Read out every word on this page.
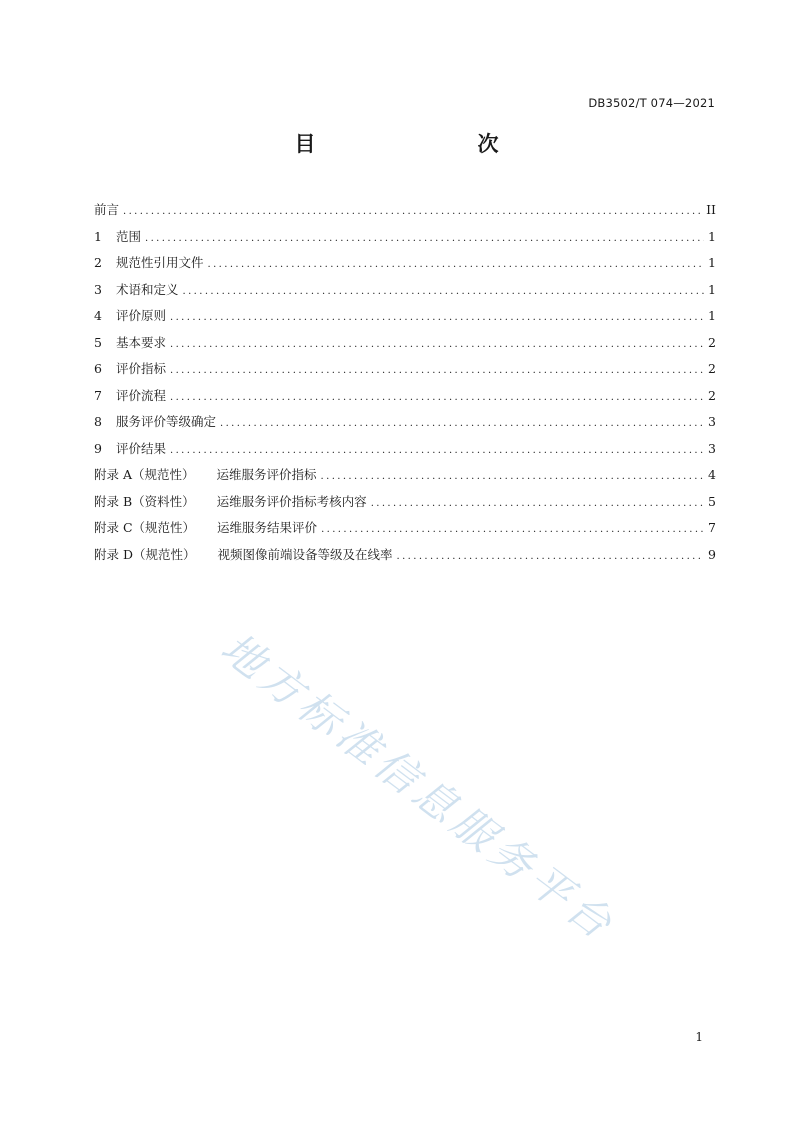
DB3502/T 074—2021
目　　次
前言 .....	II
1	范围 .....	1
2	规范性引用文件 .....	1
3	术语和定义 .....	1
4	评价原则 .....	1
5	基本要求 .....	2
6	评价指标 .....	2
7	评价流程 .....	2
8	服务评价等级确定 .....	3
9	评价结果 .....	3
附录 A（规范性） 运维服务评价指标 .....	4
附录 B（资料性） 运维服务评价指标考核内容 .....	5
附录 C（规范性） 运维服务结果评价 .....	7
附录 D（规范性） 视频图像前端设备等级及在线率 .....	9
地方标准信息服务平台
1
